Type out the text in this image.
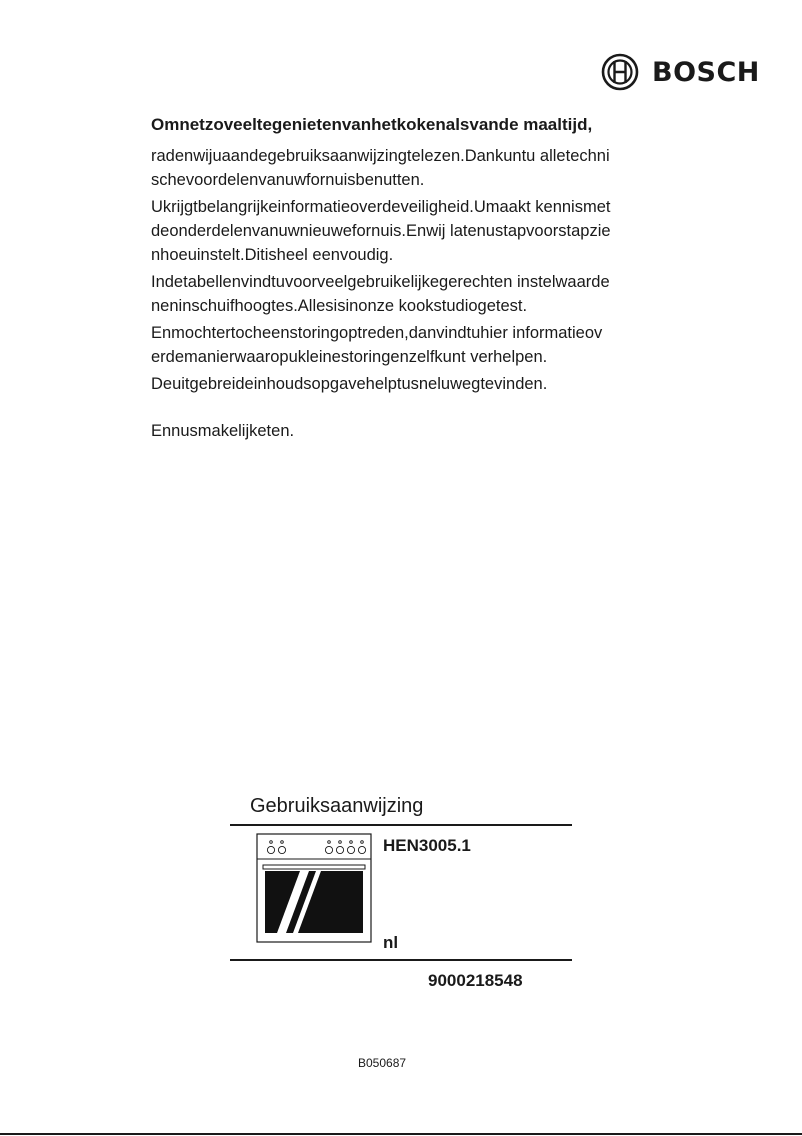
BOSCH
Omnetzoveeltegenietenvanhetkokenalsvande maaltijd,

radenwijuaandegebruiksaanwijzingtelezen.Dankuntu alletechnischevoordelenvanuwfornuisbenutten.

Ukrijgtbelangrijkeinformatieoverdeveiligheid.Umaakt kennismetdeonderdelenvanuwnieuwefornuis.Enwij latenustapvoorstapzienhoeuinstelt.Ditisheel eenvoudig.

Indetabellenvindtuvoorveelgebruikelijkegerechten instelwaardeneninschuifhoogtes.Allesisinonze kookstudiogetest.

Enmochtertocheenstoringoptreden,danvindtuhier informatieoverdemanierwaaropukleinestoringenzelfkunt verhelpen.

Deuitgebreideinhoudsopgavehelptusneluwegtevinden.

Ennusmakelijketen.

Gebruiksaanwijzing
HEN3005.1
nl
9000218548
B050687
